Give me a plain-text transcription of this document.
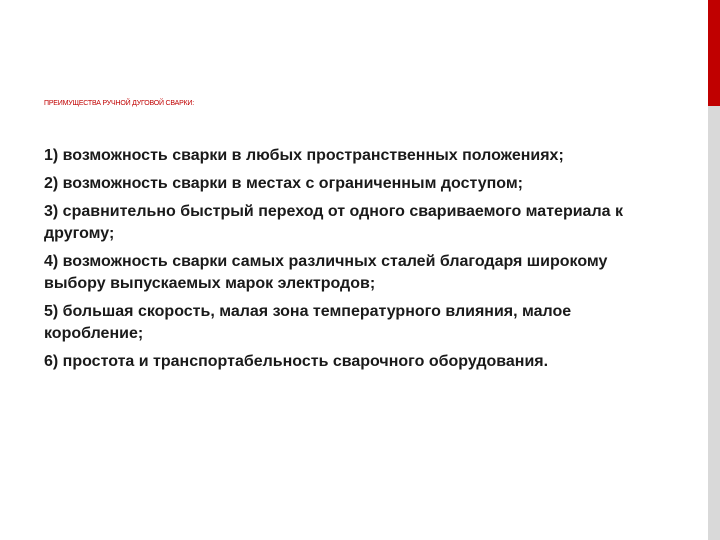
ПРЕИМУЩЕСТВА РУЧНОЙ ДУГОВОЙ СВАРКИ:

1) возможность сварки в любых пространственных положениях;

2) возможность сварки в местах с ограниченным доступом;

3) сравнительно быстрый переход от одного свариваемого материала к другому;

4) возможность сварки самых различных сталей благодаря широкому выбору выпускаемых марок электродов;

5) большая скорость, малая зона температурного влияния, малое коробление;

6) простота и транспортабельность сварочного оборудования.
